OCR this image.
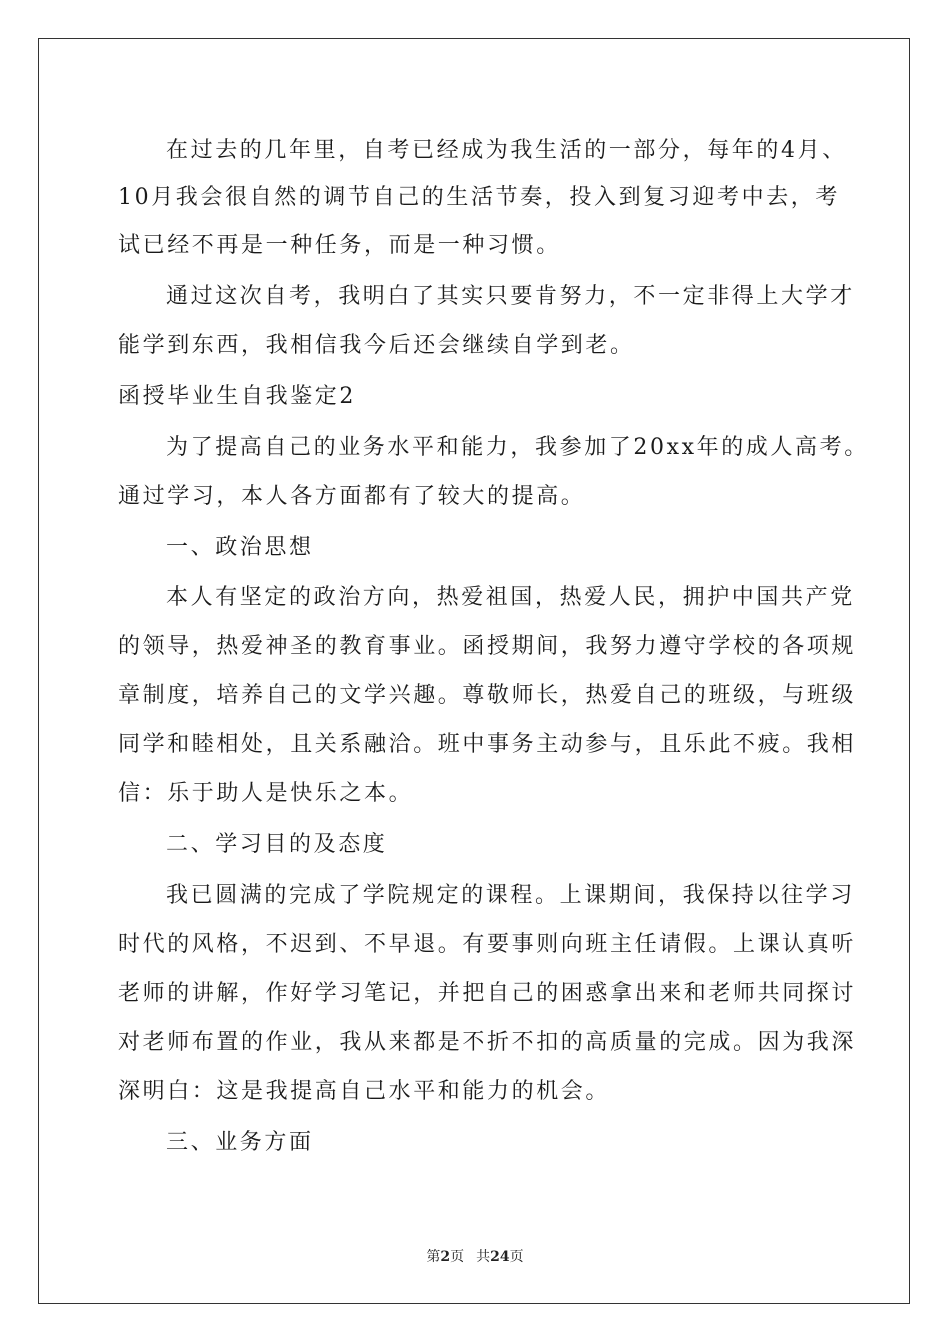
在过去的几年里，自考已经成为我生活的一部分，每年的4月、
10月我会很自然的调节自己的生活节奏，投入到复习迎考中去，考
试已经不再是一种任务，而是一种习惯。
通过这次自考，我明白了其实只要肯努力，不一定非得上大学才
能学到东西，我相信我今后还会继续自学到老。
函授毕业生自我鉴定2
为了提高自己的业务水平和能力，我参加了20xx年的成人高考。
通过学习，本人各方面都有了较大的提高。
一、政治思想
本人有坚定的政治方向，热爱祖国，热爱人民，拥护中国共产党
的领导，热爱神圣的教育事业。函授期间，我努力遵守学校的各项规
章制度，培养自己的文学兴趣。尊敬师长，热爱自己的班级，与班级
同学和睦相处，且关系融洽。班中事务主动参与，且乐此不疲。我相
信：乐于助人是快乐之本。
二、学习目的及态度
我已圆满的完成了学院规定的课程。上课期间，我保持以往学习
时代的风格，不迟到、不早退。有要事则向班主任请假。上课认真听
老师的讲解，作好学习笔记，并把自己的困惑拿出来和老师共同探讨
对老师布置的作业，我从来都是不折不扣的高质量的完成。因为我深
深明白：这是我提高自己水平和能力的机会。
三、业务方面
第2页 共24页
